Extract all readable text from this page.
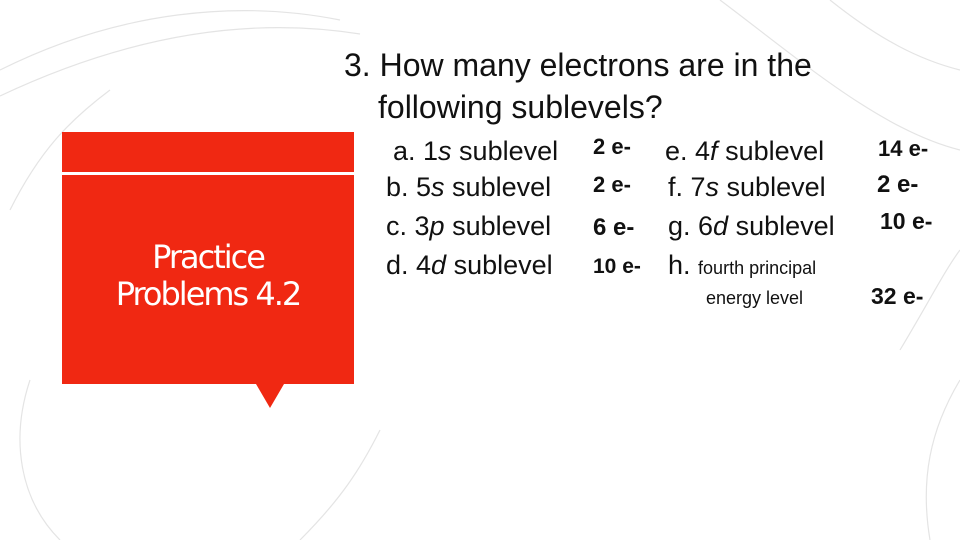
Practice
Problems 4.2
3. How many electrons are in the
following sublevels?
a. 1s sublevel 2 e-
b. 5s sublevel 2 e-
c. 3p sublevel 6 e-
d. 4d sublevel 10 e-
e. 4f sublevel 14 e-
f. 7s sublevel 2 e-
g. 6d sublevel 10 e-
h. fourth principal
energy level	32 e-
